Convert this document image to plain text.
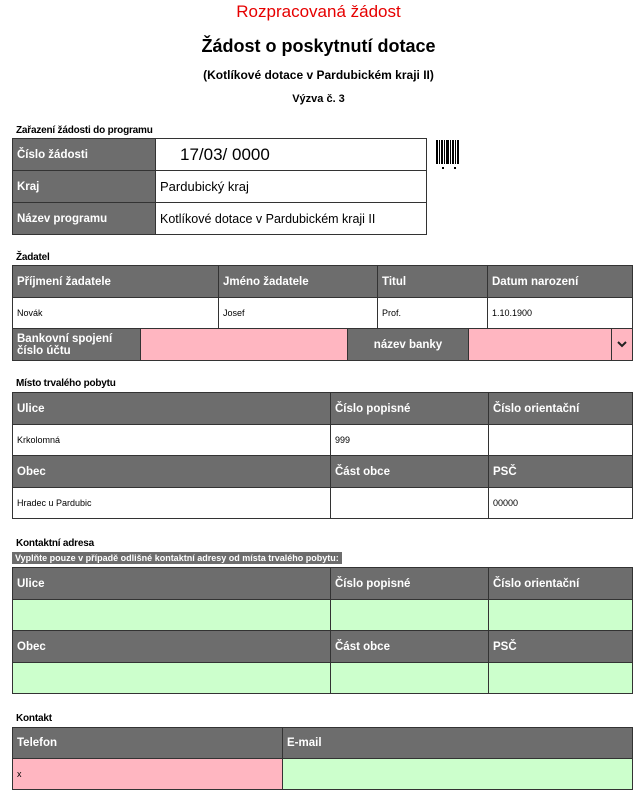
Rozpracovaná žádost
Žádost o poskytnutí dotace
(Kotlíkové dotace v Pardubickém kraji II)
Výzva č. 3
Zařazení žádosti do programu
Číslo žádosti	17/03/ 0000
Kraj	Pardubický kraj
Název programu	Kotlíkové dotace v Pardubickém kraji II
Žadatel
Příjmení žadatele	Jméno žadatele	Titul	Datum narození
Novák	Josef	Prof.	1.10.1900
Bankovní spojení
číslo účtu		název banky	
Místo trvalého pobytu
Ulice	Číslo popisné	Číslo orientační
Krkolomná	999	
Obec	Část obce	PSČ
Hradec u Pardubic		00000
Kontaktní adresa
Vyplňte pouze v případě odlišné kontaktní adresy od místa trvalého pobytu:
Ulice	Číslo popisné	Číslo orientační

Obec	Část obce	PSČ

Kontakt
Telefon	E-mail
x	
